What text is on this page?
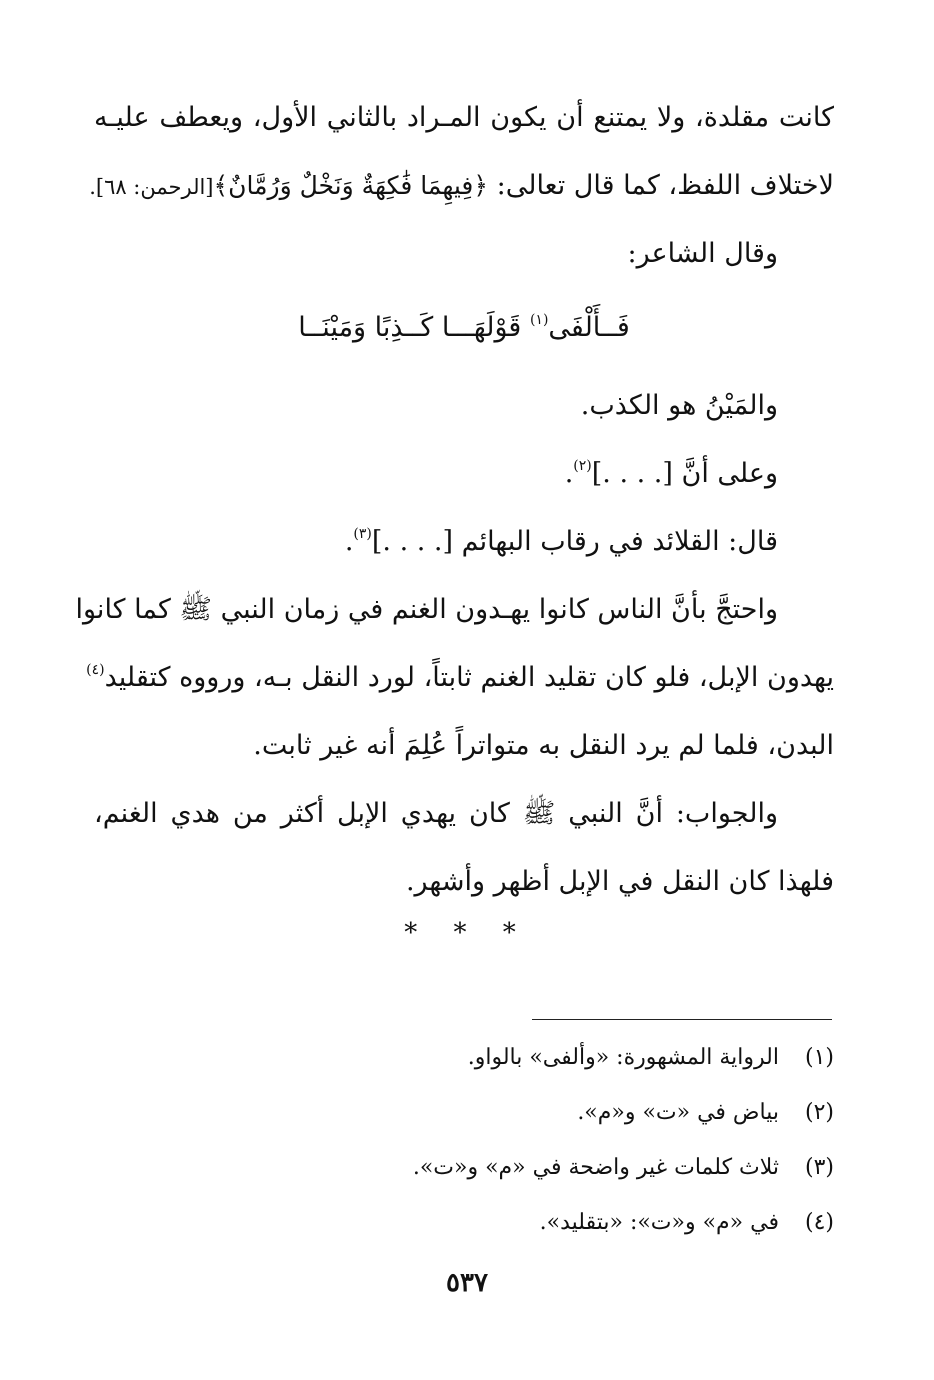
كانت مقلدة، ولا يمتنع أن يكون المـراد بالثاني الأول، ويعطف عليـه
لاختلاف اللفظ، كما قال تعالى: ﴿فِيهِمَا فَٰكِهَةٌ وَنَخْلٌ وَرُمَّانٌ﴾[الرحمن: ٦٨].
وقال الشاعر:
فَــأَلْفَى$^{(١)}$ قَوْلَهَـــا كَــذِبًا وَمَيْنَــا
والمَيْنُ هو الكذب.
وعلى أنَّ [. . . .]$^{(٢)}$.
قال: القلائد في رقاب البهائم [. . . .]$^{(٣)}$.
واحتجَّ بأنَّ الناس كانوا يهـدون الغنم في زمان النبي ﷺ كما كانوا
يهدون الإبل، فلو كان تقليد الغنم ثابتاً، لورد النقل بـه، ورووه كتقليد$^{(٤)}$
البدن، فلما لم يرد النقل به متواتراً عُلِمَ أنه غير ثابت.
والجواب: أنَّ النبي ﷺ كان يهدي الإبل أكثر من هدي الغنم،
فلهذا كان النقل في الإبل أظهر وأشهر.
* * *
(١) الرواية المشهورة: «وألفى» بالواو.
(٢) بياض في «ت» و«م».
(٣) ثلاث كلمات غير واضحة في «م» و«ت».
(٤) في «م» و«ت»: «بتقليد».
٥٣٧
